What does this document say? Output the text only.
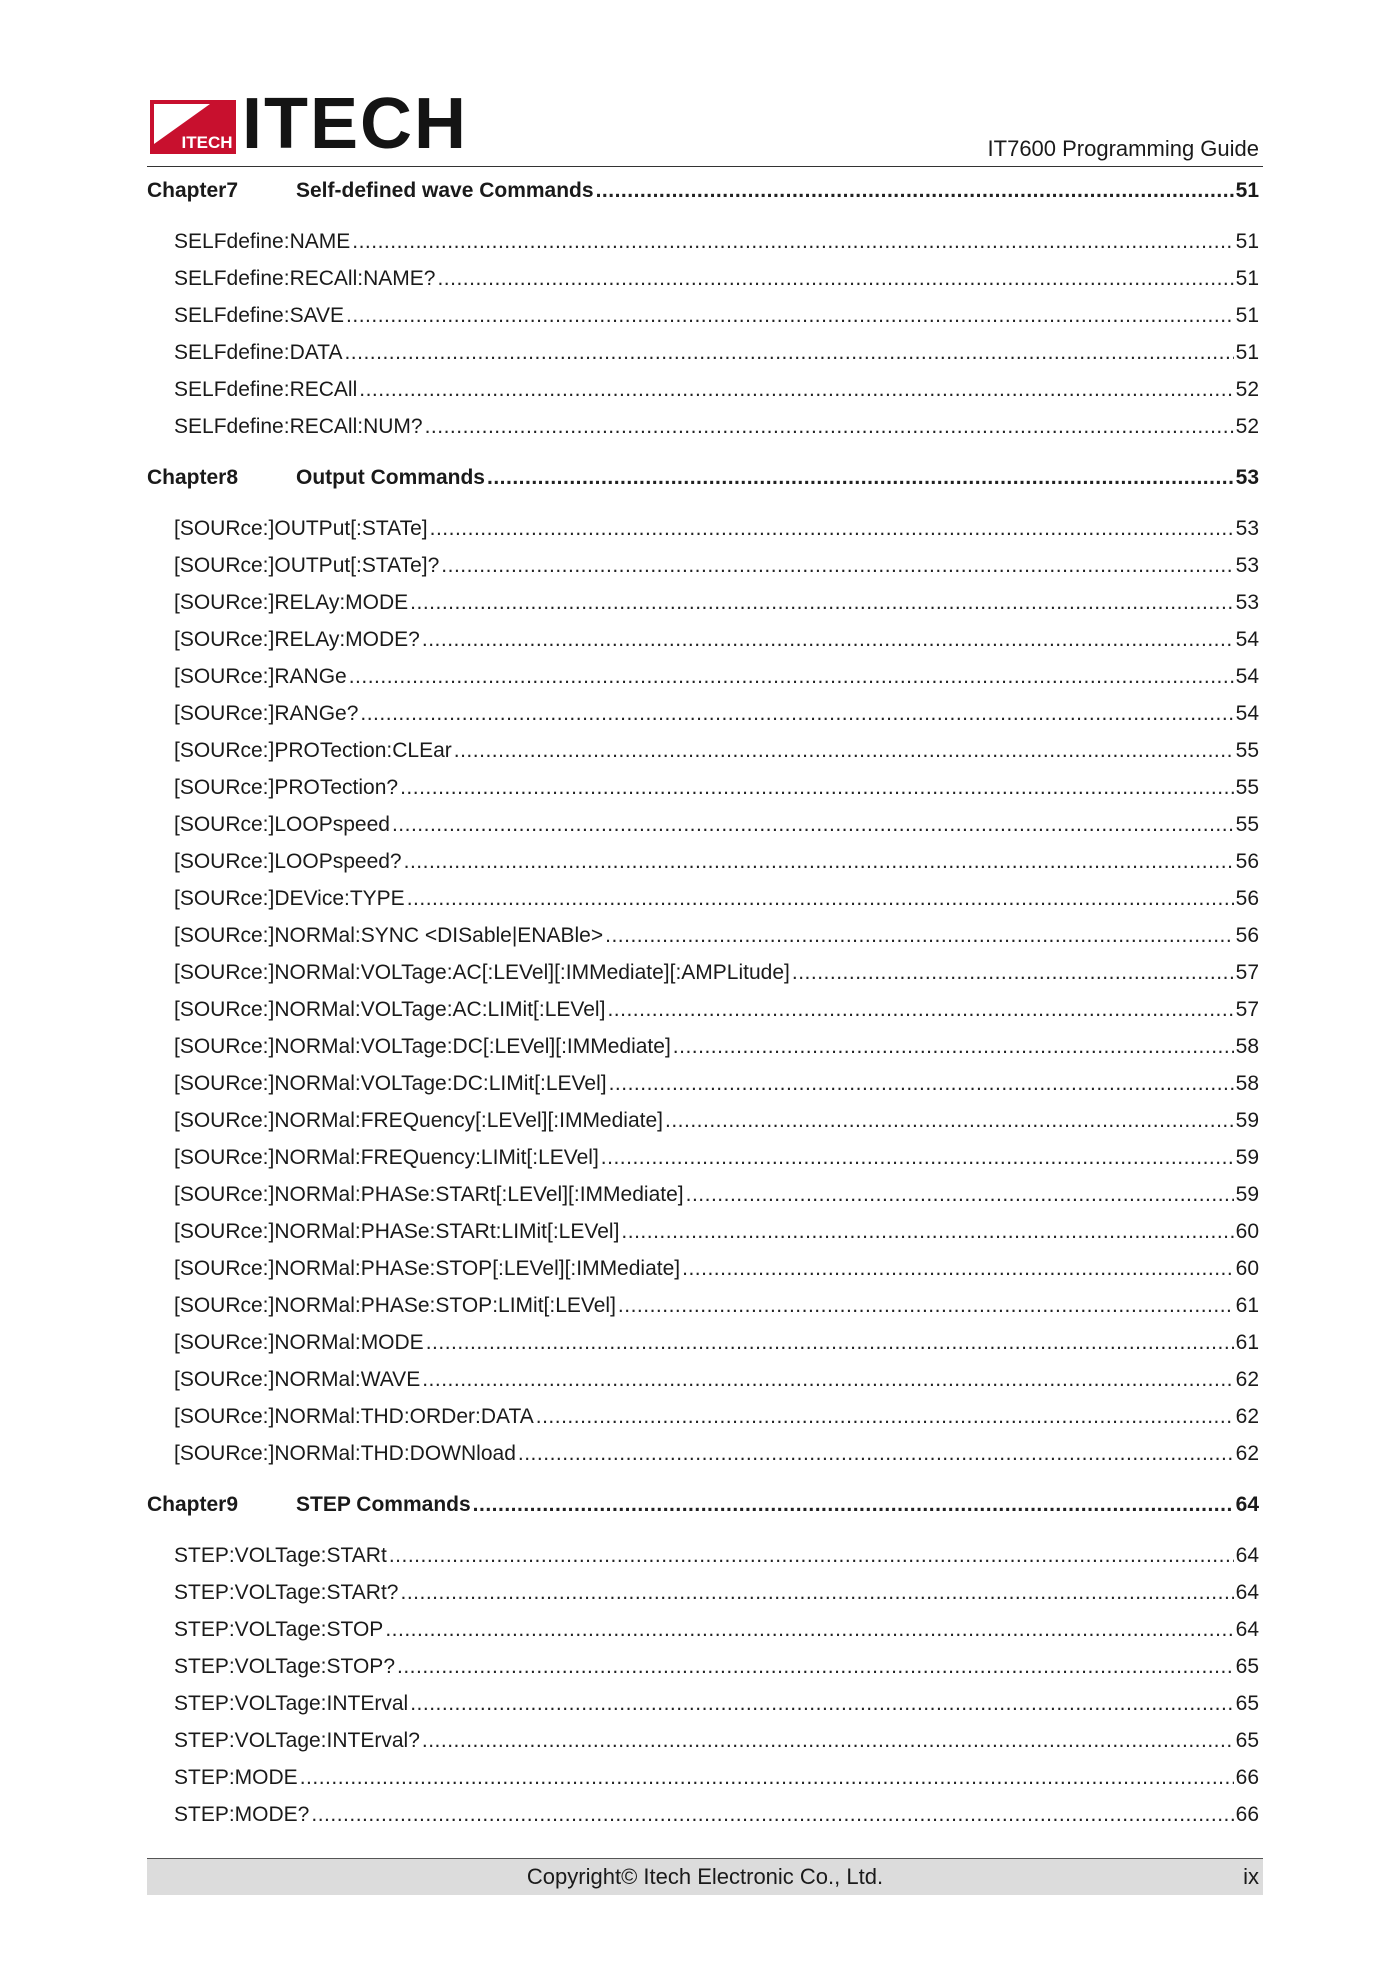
ITECH ITECH	IT7600 Programming Guide
Chapter7	Self-defined wave Commands .....	51
SELFdefine:NAME .....	51
SELFdefine:RECAll:NAME? .....	51
SELFdefine:SAVE .....	51
SELFdefine:DATA .....	51
SELFdefine:RECAll .....	52
SELFdefine:RECAll:NUM? .....	52
Chapter8	Output Commands .....	53
[SOURce:]OUTPut[:STATe] .....	53
[SOURce:]OUTPut[:STATe]? .....	53
[SOURce:]RELAy:MODE .....	53
[SOURce:]RELAy:MODE? .....	54
[SOURce:]RANGe .....	54
[SOURce:]RANGe? .....	54
[SOURce:]PROTection:CLEar .....	55
[SOURce:]PROTection? .....	55
[SOURce:]LOOPspeed .....	55
[SOURce:]LOOPspeed? .....	56
[SOURce:]DEVice:TYPE .....	56
[SOURce:]NORMal:SYNC <DISable|ENABle> .....	56
[SOURce:]NORMal:VOLTage:AC[:LEVel][:IMMediate][:AMPLitude] .....	57
[SOURce:]NORMal:VOLTage:AC:LIMit[:LEVel] .....	57
[SOURce:]NORMal:VOLTage:DC[:LEVel][:IMMediate] .....	58
[SOURce:]NORMal:VOLTage:DC:LIMit[:LEVel] .....	58
[SOURce:]NORMal:FREQuency[:LEVel][:IMMediate] .....	59
[SOURce:]NORMal:FREQuency:LIMit[:LEVel] .....	59
[SOURce:]NORMal:PHASe:STARt[:LEVel][:IMMediate] .....	59
[SOURce:]NORMal:PHASe:STARt:LIMit[:LEVel] .....	60
[SOURce:]NORMal:PHASe:STOP[:LEVel][:IMMediate] .....	60
[SOURce:]NORMal:PHASe:STOP:LIMit[:LEVel] .....	61
[SOURce:]NORMal:MODE .....	61
[SOURce:]NORMal:WAVE .....	62
[SOURce:]NORMal:THD:ORDer:DATA .....	62
[SOURce:]NORMal:THD:DOWNload .....	62
Chapter9	STEP Commands .....	64
STEP:VOLTage:STARt .....	64
STEP:VOLTage:STARt? .....	64
STEP:VOLTage:STOP .....	64
STEP:VOLTage:STOP? .....	65
STEP:VOLTage:INTErval .....	65
STEP:VOLTage:INTErval? .....	65
STEP:MODE .....	66
STEP:MODE? .....	66
Copyright© Itech Electronic Co., Ltd.	ix
